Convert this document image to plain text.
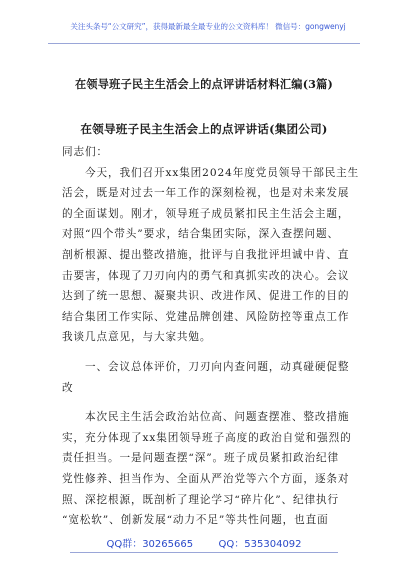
关注头条号“公文研究”，获得最新最全最专业的公文资料库！ 微信号：gongwenyj
在领导班子民主生活会上的点评讲话材料汇编(3篇)
在领导班子民主生活会上的点评讲话(集团公司)
同志们：
　　今天，我们召开xx集团2024年度党员领导干部民主生
活会，既是对过去一年工作的深刻检视，也是对未来发展
的全面谋划。刚才，领导班子成员紧扣民主生活会主题，
对照“四个带头”要求，结合集团实际，深入查摆问题、
剖析根源、提出整改措施，批评与自我批评坦诚中肯、直
击要害，体现了刀刃向内的勇气和真抓实改的决心。会议
达到了统一思想、凝聚共识、改进作风、促进工作的目的
结合集团工作实际、党建品牌创建、风险防控等重点工作
我谈几点意见，与大家共勉。
　　一、会议总体评价，刀刃向内查问题，动真碰硬促整
改
　　本次民主生活会政治站位高、问题查摆准、整改措施
实，充分体现了xx集团领导班子高度的政治自觉和强烈的
责任担当。一是问题查摆“深”。班子成员紧扣政治纪律
党性修养、担当作为、全面从严治党等六个方面，逐条对
照、深挖根源，既剖析了理论学习“碎片化”、纪律执行
“宽松软”、创新发展“动力不足”等共性问题，也直面
QQ群：30265665        QQ：535304092
